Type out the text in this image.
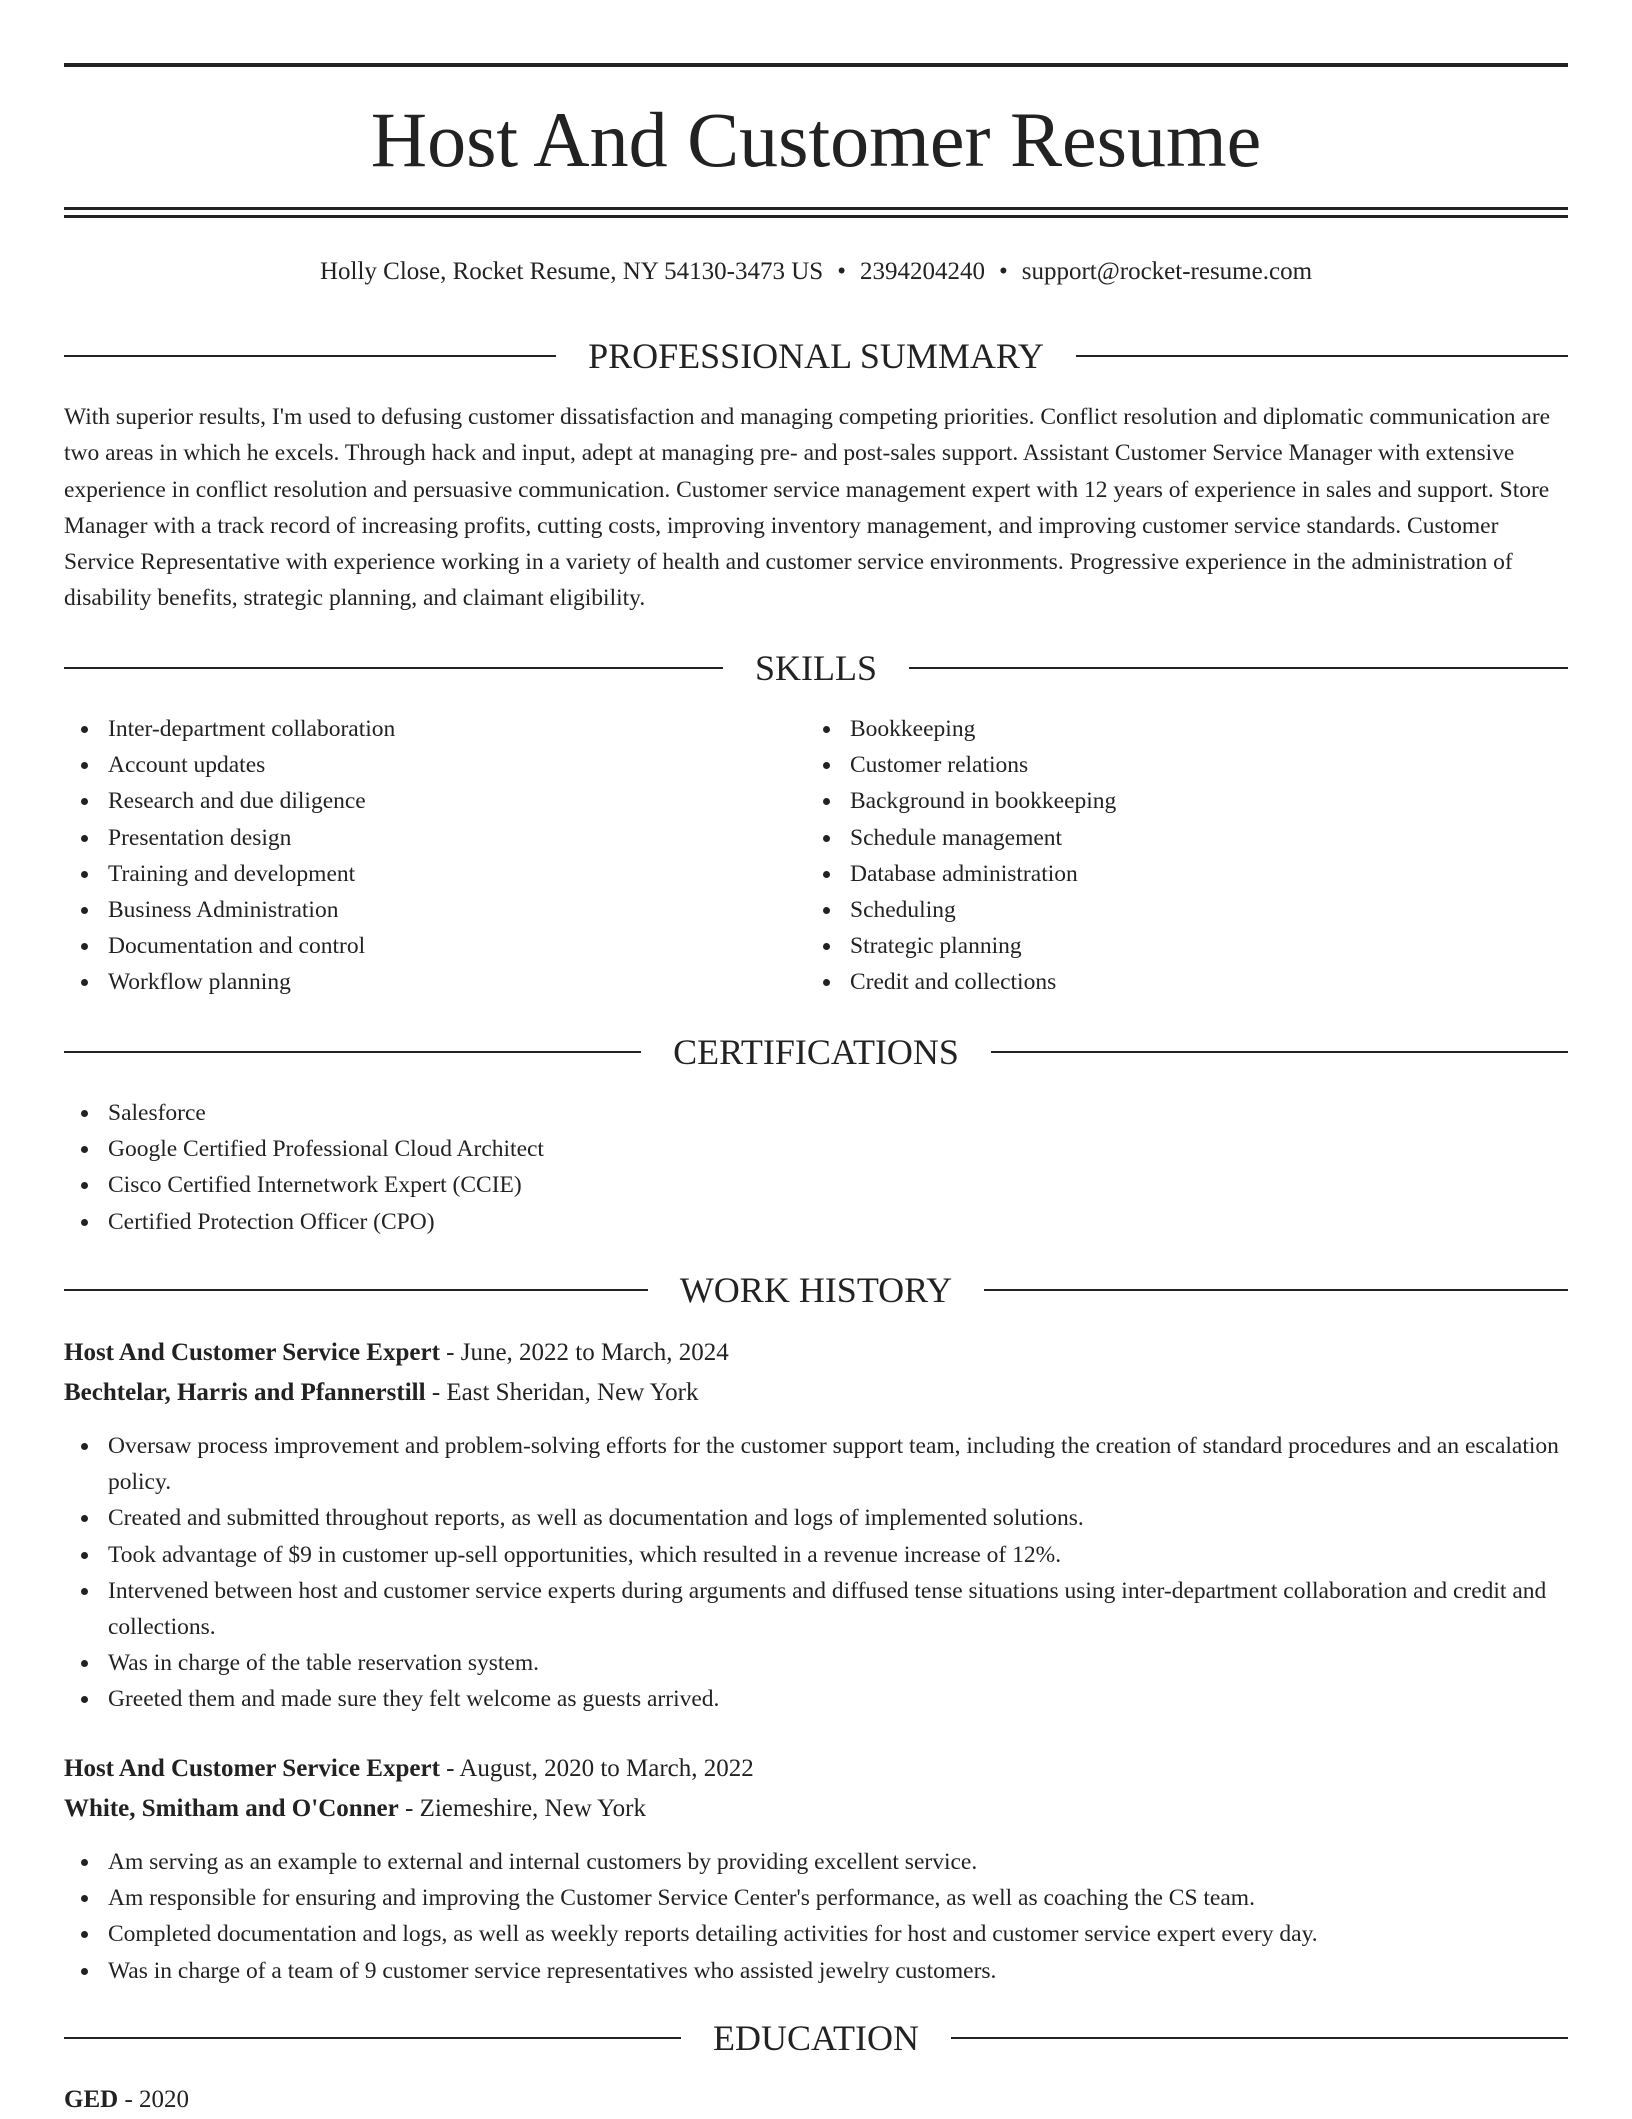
Host And Customer Resume
Holly Close, Rocket Resume, NY 54130-3473 US • 2394204240 • support@rocket-resume.com
PROFESSIONAL SUMMARY

With superior results, I'm used to defusing customer dissatisfaction and managing competing priorities. Conflict resolution and diplomatic communication are two areas in which he excels. Through hack and input, adept at managing pre- and post-sales support. Assistant Customer Service Manager with extensive experience in conflict resolution and persuasive communication. Customer service management expert with 12 years of experience in sales and support. Store Manager with a track record of increasing profits, cutting costs, improving inventory management, and improving customer service standards. Customer Service Representative with experience working in a variety of health and customer service environments. Progressive experience in the administration of disability benefits, strategic planning, and claimant eligibility.

SKILLS
Inter-department collaboration
Account updates
Research and due diligence
Presentation design
Training and development
Business Administration
Documentation and control
Workflow planning
Bookkeeping
Customer relations
Background in bookkeeping
Schedule management
Database administration
Scheduling
Strategic planning
Credit and collections
CERTIFICATIONS
Salesforce
Google Certified Professional Cloud Architect
Cisco Certified Internetwork Expert (CCIE)
Certified Protection Officer (CPO)
WORK HISTORY
Host And Customer Service Expert - June, 2022 to March, 2024
Bechtelar, Harris and Pfannerstill - East Sheridan, New York
Oversaw process improvement and problem-solving efforts for the customer support team, including the creation of standard procedures and an escalation policy.
Created and submitted throughout reports, as well as documentation and logs of implemented solutions.
Took advantage of $9 in customer up-sell opportunities, which resulted in a revenue increase of 12%.
Intervened between host and customer service experts during arguments and diffused tense situations using inter-department collaboration and credit and collections.
Was in charge of the table reservation system.
Greeted them and made sure they felt welcome as guests arrived.
Host And Customer Service Expert - August, 2020 to March, 2022
White, Smitham and O'Conner - Ziemeshire, New York
Am serving as an example to external and internal customers by providing excellent service.
Am responsible for ensuring and improving the Customer Service Center's performance, as well as coaching the CS team.
Completed documentation and logs, as well as weekly reports detailing activities for host and customer service expert every day.
Was in charge of a team of 9 customer service representatives who assisted jewelry customers.
EDUCATION
GED - 2020
